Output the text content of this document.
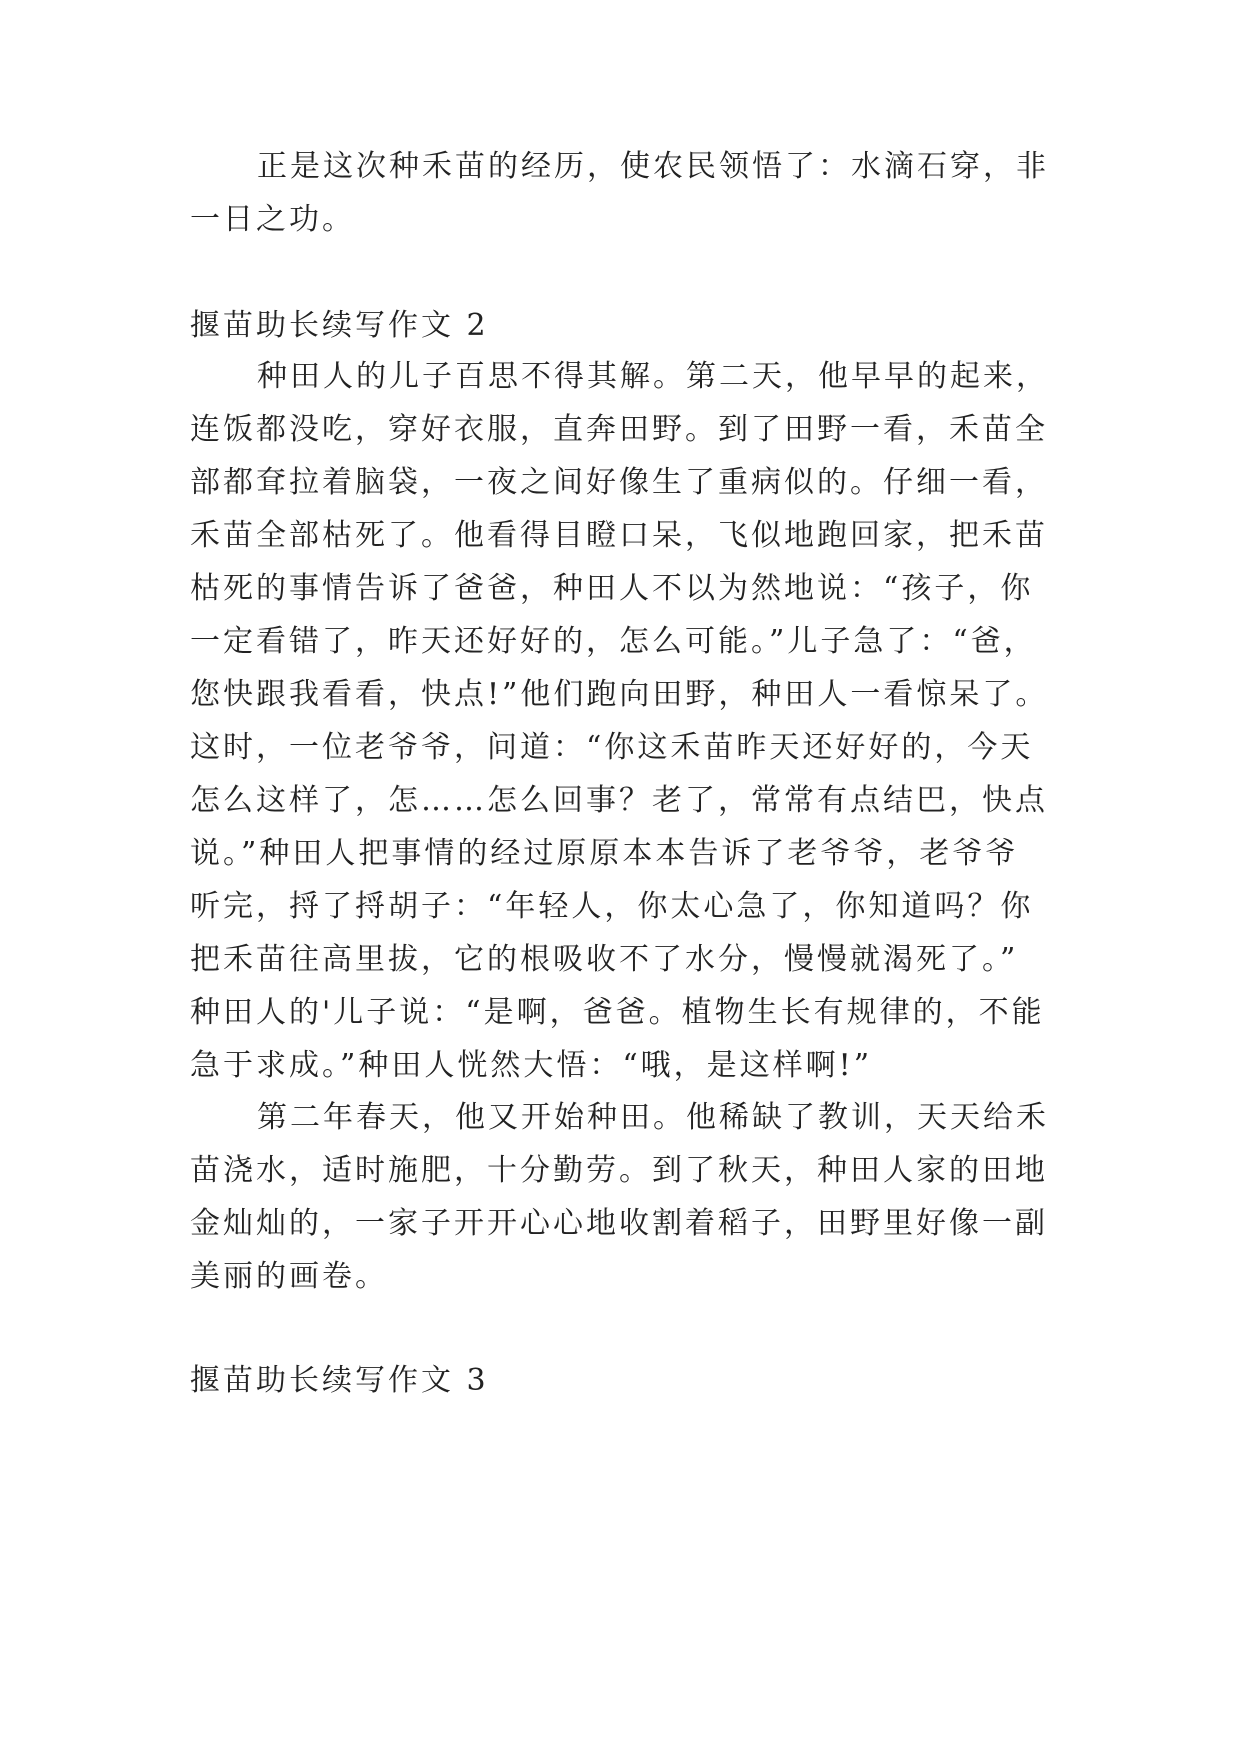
正是这次种禾苗的经历，使农民领悟了：水滴石穿，非
一日之功。
揠苗助长续写作文 2
种田人的儿子百思不得其解。第二天，他早早的起来，
连饭都没吃，穿好衣服，直奔田野。到了田野一看，禾苗全
部都耷拉着脑袋，一夜之间好像生了重病似的。仔细一看，
禾苗全部枯死了。他看得目瞪口呆，飞似地跑回家，把禾苗
枯死的事情告诉了爸爸，种田人不以为然地说：“孩子，你
一定看错了，昨天还好好的，怎么可能。”儿子急了：“爸，
您快跟我看看，快点!”他们跑向田野，种田人一看惊呆了。
这时，一位老爷爷，问道：“你这禾苗昨天还好好的，今天
怎么这样了，怎……怎么回事？老了，常常有点结巴，快点
说。”种田人把事情的经过原原本本告诉了老爷爷，老爷爷
听完，捋了捋胡子：“年轻人，你太心急了，你知道吗？你
把禾苗往高里拔，它的根吸收不了水分，慢慢就渴死了。”
种田人的'儿子说：“是啊，爸爸。植物生长有规律的，不能
急于求成。”种田人恍然大悟：“哦，是这样啊!”
第二年春天，他又开始种田。他稀缺了教训，天天给禾
苗浇水，适时施肥，十分勤劳。到了秋天，种田人家的田地
金灿灿的，一家子开开心心地收割着稻子，田野里好像一副
美丽的画卷。
揠苗助长续写作文 3
